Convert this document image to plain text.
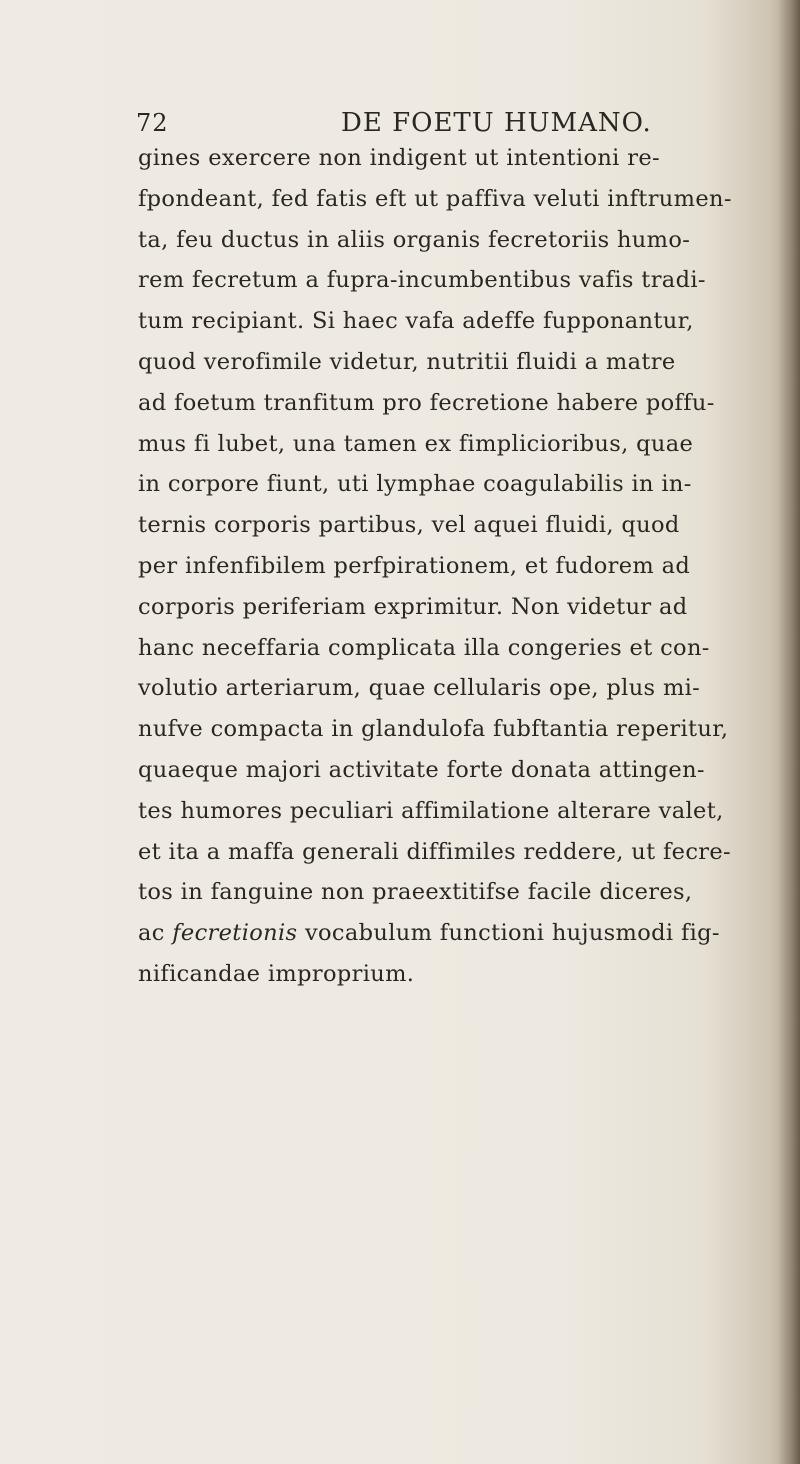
72	DE FOETU HUMANO.
gines exercere non indigent ut intentioni re-
fpondeant, fed fatis eft ut paffiva veluti inftrumen-
ta, feu ductus in aliis organis fecretoriis humo-
rem fecretum a fupra-incumbentibus vafis tradi-
tum recipiant. Si haec vafa adeffe fupponantur,
quod verofimile videtur, nutritii fluidi a matre
ad foetum tranfitum pro fecretione habere poffu-
mus fi lubet, una tamen ex fimplicioribus, quae
in corpore fiunt, uti lymphae coagulabilis in in-
ternis corporis partibus, vel aquei fluidi, quod
per infenfibilem perfpirationem, et fudorem ad
corporis periferiam exprimitur. Non videtur ad
hanc neceffaria complicata illa congeries et con-
volutio arteriarum, quae cellularis ope, plus mi-
nufve compacta in glandulofa fubftantia reperitur,
quaeque majori activitate forte donata attingen-
tes humores peculiari affimilatione alterare valet,
et ita a maffa generali diffimiles reddere, ut fecre-
tos in fanguine non praeextitifse facile diceres,
ac fecretionis vocabulum functioni hujusmodi fig-
nificandae improprium.
